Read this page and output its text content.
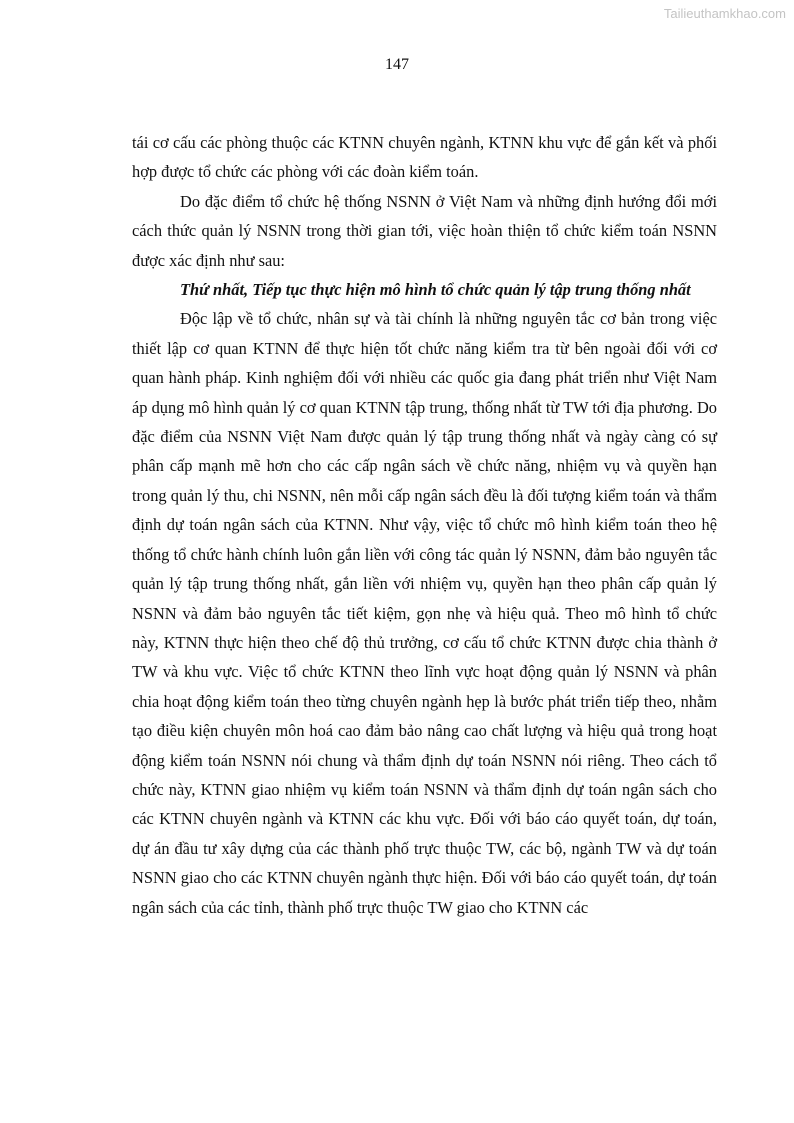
Tailieuthamkhao.com
147

tái cơ cấu các phòng thuộc các KTNN chuyên ngành, KTNN khu vực để gắn kết và phối hợp được tổ chức các phòng với các đoàn kiểm toán.

Do đặc điểm tổ chức hệ thống NSNN ở Việt Nam và những định hướng đổi mới cách thức quản lý NSNN trong thời gian tới, việc hoàn thiện tổ chức kiểm toán NSNN được xác định như sau:

Thứ nhất, Tiếp tục thực hiện mô hình tổ chức quản lý tập trung thống nhất

Độc lập về tổ chức, nhân sự và tài chính là những nguyên tắc cơ bản trong việc thiết lập cơ quan KTNN để thực hiện tốt chức năng kiểm tra từ bên ngoài đối với cơ quan hành pháp. Kinh nghiệm đối với nhiều các quốc gia đang phát triển như Việt Nam áp dụng mô hình quản lý cơ quan KTNN tập trung, thống nhất từ TW tới địa phương. Do đặc điểm của NSNN Việt Nam được quản lý tập trung thống nhất và ngày càng có sự phân cấp mạnh mẽ hơn cho các cấp ngân sách về chức năng, nhiệm vụ và quyền hạn trong quản lý thu, chi NSNN, nên mỗi cấp ngân sách đều là đối tượng kiểm toán và thẩm định dự toán ngân sách của KTNN. Như vậy, việc tổ chức mô hình kiểm toán theo hệ thống tổ chức hành chính luôn gắn liền với công tác quản lý NSNN, đảm bảo nguyên tắc quản lý tập trung thống nhất, gắn liền với nhiệm vụ, quyền hạn theo phân cấp quản lý NSNN và đảm bảo nguyên tắc tiết kiệm, gọn nhẹ và hiệu quả. Theo mô hình tổ chức này, KTNN thực hiện theo chế độ thủ trưởng, cơ cấu tổ chức KTNN được chia thành ở TW và khu vực. Việc tổ chức KTNN theo lĩnh vực hoạt động quản lý NSNN và phân chia hoạt động kiểm toán theo từng chuyên ngành hẹp là bước phát triển tiếp theo, nhằm tạo điều kiện chuyên môn hoá cao đảm bảo nâng cao chất lượng và hiệu quả trong hoạt động kiểm toán NSNN nói chung và thẩm định dự toán NSNN nói riêng. Theo cách tổ chức này, KTNN giao nhiệm vụ kiểm toán NSNN và thẩm định dự toán ngân sách cho các KTNN chuyên ngành và KTNN các khu vực. Đối với báo cáo quyết toán, dự toán, dự án đầu tư xây dựng của các thành phố trực thuộc TW, các bộ, ngành TW và dự toán NSNN giao cho các KTNN chuyên ngành thực hiện. Đối với báo cáo quyết toán, dự toán ngân sách của các tỉnh, thành phố trực thuộc TW giao cho KTNN các
